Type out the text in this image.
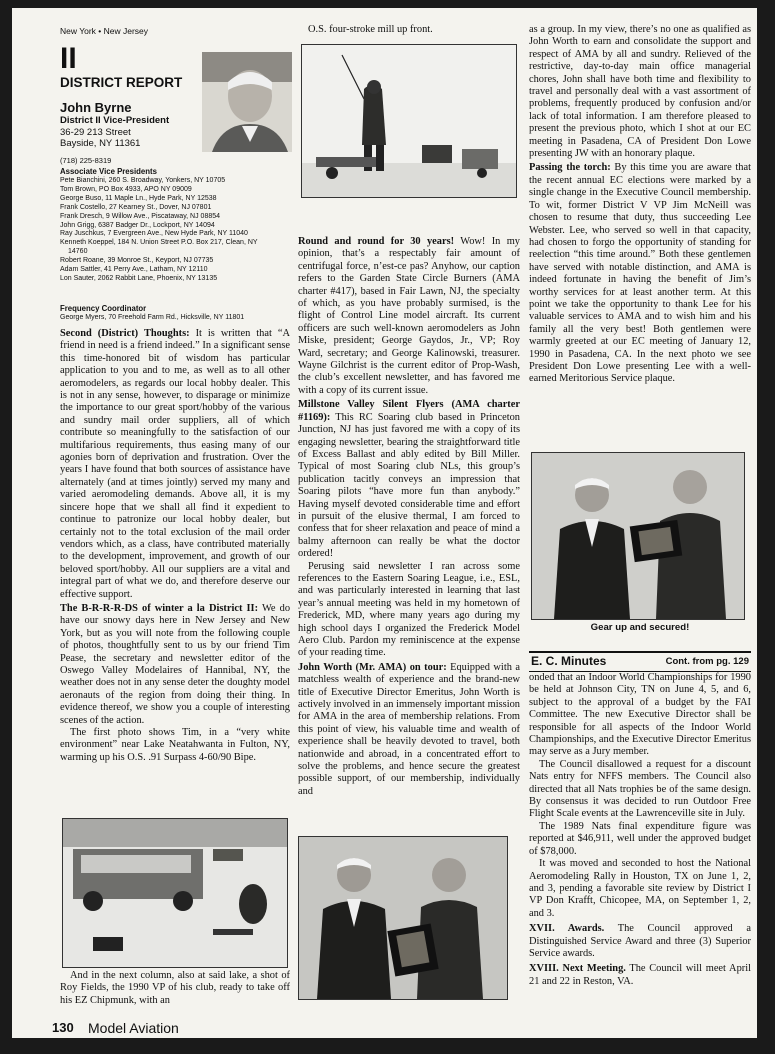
New York • New Jersey
II
DISTRICT REPORT
John Byrne
District II Vice-President
36-29 213 Street
Bayside, NY 11361
(718) 225-8319
Associate Vice Presidents
Pete Bianchini, 260 S. Broadway, Yonkers, NY 10705
Tom Brown, PO Box 4933, APO NY 09009
George Buso, 11 Maple Ln., Hyde Park, NY 12538
Frank Costello, 27 Kearney St., Dover, NJ 07801
Frank Dresch, 9 Willow Ave., Piscataway, NJ 08854
John Grigg, 6387 Badger Dr., Lockport, NY 14094
Ray Juschkus, 7 Evergreen Ave., New Hyde Park, NY 11040
Kenneth Koeppel, 184 N. Union Street P.O. Box 217, Clean, NY
14760
Robert Roane, 39 Monroe St., Keyport, NJ 07735
Adam Sattler, 41 Perry Ave., Latham, NY 12110
Lon Sauter, 2062 Rabbit Lane, Phoenix, NY 13135
Frequency Coordinator
George Myers, 70 Freehold Farm Rd., Hicksville, NY 11801

Second (District) Thoughts: It is written that “A friend in need is a friend indeed.” In a significant sense this time-honored bit of wisdom has particular application to you and to me, as well as to all other aeromodelers, as regards our local hobby dealer. This is not in any sense, however, to disparage or minimize the importance to our great sport/hobby of the various and sundry mail order suppliers, all of which contribute so meaningfully to the satisfaction of our multifarious requirements, thus easing many of our agonies born of deprivation and frustration. Over the years I have found that both sources of assistance have alternately (and at times jointly) served my many and varied aeromodeling demands. Above all, it is my sincere hope that we shall all find it expedient to continue to patronize our local hobby dealer, but certainly not to the total exclusion of the mail order vendors which, as a class, have contributed materially to the development, improvement, and growth of our beloved sport/hobby. All our suppliers are a vital and integral part of what we do, and therefore deserve our effective support.

The B-R-R-R-DS of winter a la District II: We do have our snowy days here in New Jersey and New York, but as you will note from the following couple of photos, thoughtfully sent to us by our friend Tim Pease, the secretary and newsletter editor of the Oswego Valley Modelaires of Hannibal, NY, the weather does not in any sense deter the doughty model aeronauts of the region from doing their thing. In evidence thereof, we show you a couple of interesting scenes of the action.

The first photo shows Tim, in a “very white environment” near Lake Neatahwanta in Fulton, NY, warming up his O.S. .91 Surpass 4-60/90 Bipe.

And in the next column, also at said lake, a shot of Roy Fields, the 1990 VP of his club, ready to take off his EZ Chipmunk, with an

O.S. four-stroke mill up front.

Round and round for 30 years! Wow! In my opinion, that’s a respectably fair amount of centrifugal force, n’est-ce pas? Anyhow, our caption refers to the Garden State Circle Burners (AMA charter #417), based in Fair Lawn, NJ, the specialty of which, as you have probably surmised, is the flight of Control Line model aircraft. Its current officers are such well-known aeromodelers as John Miske, president; George Gaydos, Jr., VP; Roy Ward, secretary; and George Kalinowski, treasurer. Wayne Gilchrist is the current editor of Prop-Wash, the club’s excellent newsletter, and has favored me with a copy of its current issue.

Millstone Valley Silent Flyers (AMA charter #1169): This RC Soaring club based in Princeton Junction, NJ has just favored me with a copy of its engaging newsletter, bearing the straightforward title of Excess Ballast and ably edited by Bill Miller. Typical of most Soaring club NLs, this group’s publication tacitly conveys an impression that Soaring pilots “have more fun than anybody.” Having myself devoted considerable time and effort in pursuit of the elusive thermal, I am forced to confess that for sheer relaxation and peace of mind a balmy afternoon can really be what the doctor ordered!

Perusing said newsletter I ran across some references to the Eastern Soaring League, i.e., ESL, and was particularly interested in learning that last year’s annual meeting was held in my hometown of Frederick, MD, where many years ago during my high school days I organized the Frederick Model Aero Club. Pardon my reminiscence at the expense of your reading time.

John Worth (Mr. AMA) on tour: Equipped with a matchless wealth of experience and the brand-new title of Executive Director Emeritus, John Worth is actively involved in an immensely important mission for AMA in the area of membership relations. From this point of view, his valuable time and wealth of experience shall be heavily devoted to travel, both nationwide and abroad, in a concentrated effort to solve the problems, and hence secure the greatest possible support, of our membership, individually and

as a group. In my view, there’s no one as qualified as John Worth to earn and consolidate the support and respect of AMA by all and sundry. Relieved of the restrictive, day-to-day main office managerial chores, John shall have both time and flexibility to travel and personally deal with a vast assortment of problems, frequently produced by confusion and/or lack of total information. I am therefore pleased to present the previous photo, which I shot at our EC meeting in Pasadena, CA of President Don Lowe presenting JW with an honorary plaque.

Passing the torch: By this time you are aware that the recent annual EC elections were marked by a single change in the Executive Council membership. To wit, former District V VP Jim McNeill was chosen to resume that duty, thus succeeding Lee Webster. Lee, who served so well in that capacity, had chosen to forgo the opportunity of standing for reelection “this time around.” Both these gentlemen have served with notable distinction, and AMA is indeed fortunate in having the benefit of Jim’s worthy services for at least another term. At this point we take the opportunity to thank Lee for his valuable services to AMA and to wish him and his family all the very best! Both gentlemen were warmly greeted at our EC meeting of January 12, 1990 in Pasadena, CA. In the next photo we see President Don Lowe presenting Lee with a well-earned Meritorious Service plaque.

Gear up and secured!
E. C. Minutes	Cont. from pg. 129

onded that an Indoor World Championships for 1990 be held at Johnson City, TN on June 4, 5, and 6, subject to the approval of a budget by the FAI Committee. The new Executive Director shall be responsible for all aspects of the Indoor World Championships, and the Executive Director Emeritus may serve as a Jury member.

The Council disallowed a request for a discount Nats entry for NFFS members. The Council also directed that all Nats trophies be of the same design. By consensus it was decided to run Outdoor Free Flight Scale events at the Lawrenceville site in July.

The 1989 Nats final expenditure figure was reported at $46,911, well under the approved budget of $78,000.

It was moved and seconded to host the National Aeromodeling Rally in Houston, TX on June 1, 2, and 3, pending a favorable site review by District I VP Don Krafft, Chicopee, MA, on September 1, 2, and 3.

XVII. Awards. The Council approved a Distinguished Service Award and three (3) Superior Service awards.

XVIII. Next Meeting. The Council will meet April 21 and 22 in Reston, VA.

130 Model Aviation
